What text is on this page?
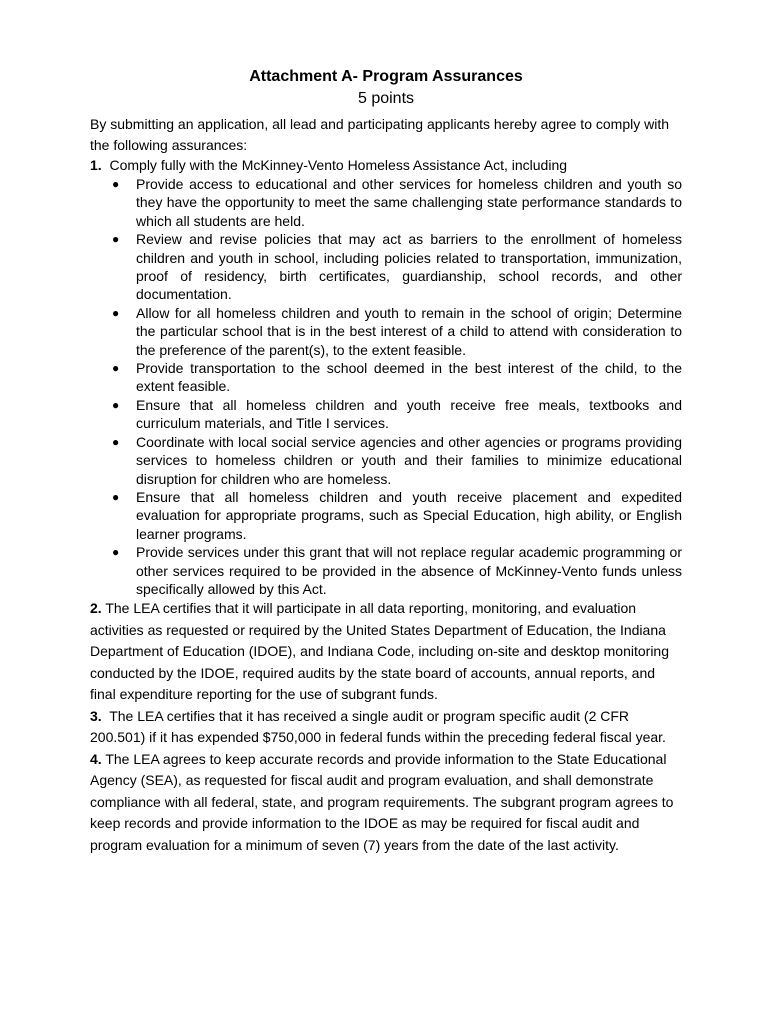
Attachment A- Program Assurances

5 points

By submitting an application, all lead and participating applicants hereby agree to comply with the following assurances:

1. Comply fully with the McKinney-Vento Homeless Assistance Act, including

● Provide access to educational and other services for homeless children and youth so they have the opportunity to meet the same challenging state performance standards to which all students are held.
● Review and revise policies that may act as barriers to the enrollment of homeless children and youth in school, including policies related to transportation, immunization, proof of residency, birth certificates, guardianship, school records, and other documentation.
● Allow for all homeless children and youth to remain in the school of origin; Determine the particular school that is in the best interest of a child to attend with consideration to the preference of the parent(s), to the extent feasible.
● Provide transportation to the school deemed in the best interest of the child, to the extent feasible.
● Ensure that all homeless children and youth receive free meals, textbooks and curriculum materials, and Title I services.
● Coordinate with local social service agencies and other agencies or programs providing services to homeless children or youth and their families to minimize educational disruption for children who are homeless.
● Ensure that all homeless children and youth receive placement and expedited evaluation for appropriate programs, such as Special Education, high ability, or English learner programs.
● Provide services under this grant that will not replace regular academic programming or other services required to be provided in the absence of McKinney-Vento funds unless specifically allowed by this Act.

2. The LEA certifies that it will participate in all data reporting, monitoring, and evaluation activities as requested or required by the United States Department of Education, the Indiana Department of Education (IDOE), and Indiana Code, including on-site and desktop monitoring conducted by the IDOE, required audits by the state board of accounts, annual reports, and final expenditure reporting for the use of subgrant funds.

3. The LEA certifies that it has received a single audit or program specific audit (2 CFR 200.501) if it has expended $750,000 in federal funds within the preceding federal fiscal year.

4. The LEA agrees to keep accurate records and provide information to the State Educational Agency (SEA), as requested for fiscal audit and program evaluation, and shall demonstrate compliance with all federal, state, and program requirements. The subgrant program agrees to keep records and provide information to the IDOE as may be required for fiscal audit and program evaluation for a minimum of seven (7) years from the date of the last activity.
